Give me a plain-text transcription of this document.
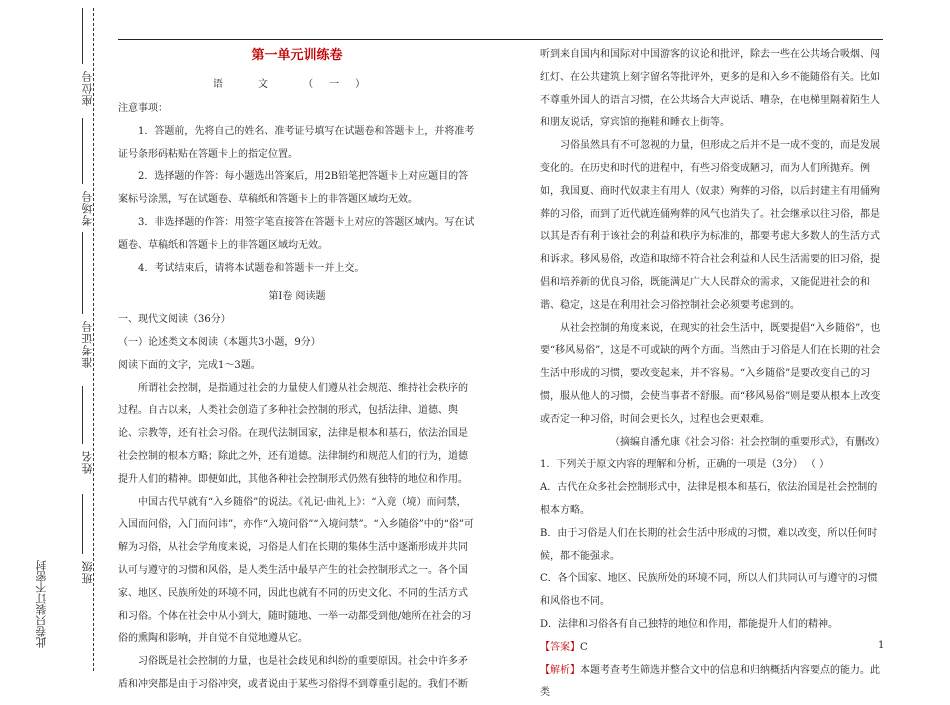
座位号
考场号
准考证号
姓名
班级
此卷只装订不密封

第一单元训练卷

语 文 （一）

注意事项：

1．答题前，先将自己的姓名、准考证号填写在试题卷和答题卡上，并将准考证号条形码粘贴在答题卡上的指定位置。

2．选择题的作答：每小题选出答案后，用2B铅笔把答题卡上对应题目的答案标号涂黑，写在试题卷、草稿纸和答题卡上的非答题区域均无效。

3．非选择题的作答：用签字笔直接答在答题卡上对应的答题区域内。写在试题卷、草稿纸和答题卡上的非答题区域均无效。

4．考试结束后，请将本试题卷和答题卡一并上交。

第Ⅰ卷 阅读题

一、现代文阅读（36分）

（一）论述类文本阅读（本题共3小题，9分）

阅读下面的文字，完成1～3题。

所谓社会控制，是指通过社会的力量使人们遵从社会规范、维持社会秩序的过程。自古以来，人类社会创造了多种社会控制的形式，包括法律、道德、舆论、宗教等，还有社会习俗。在现代法制国家，法律是根本和基石，依法治国是社会控制的根本方略；除此之外，还有道德。法律制约和规范人们的行为，道德提升人们的精神。即便如此，其他各种社会控制形式仍然有独特的地位和作用。

中国古代早就有“入乡随俗”的说法。《礼记·曲礼上》：“入竟（境）而问禁，入国而问俗，入门而问讳”，亦作“入境问俗”“入境问禁”。“入乡随俗”中的“俗”可解为习俗，从社会学角度来说，习俗是人们在长期的集体生活中逐渐形成并共同认可与遵守的习惯和风俗，是人类生活中最早产生的社会控制形式之一。各个国家、地区、民族所处的环境不同，因此也就有不同的历史文化、不同的生活方式和习俗。个体在社会中从小到大，随时随地、一举一动都受到他/她所在社会的习俗的熏陶和影响，并自觉不自觉地遵从它。

习俗既是社会控制的力量，也是社会歧见和纠纷的重要原因。社会中许多矛盾和冲突都是由于习俗冲突，或者说由于某些习俗得不到尊重引起的。我们不断

听到来自国内和国际对中国游客的议论和批评，除去一些在公共场合吸烟、闯红灯、在公共建筑上刻字留名等批评外，更多的是和入乡不能随俗有关。比如不尊重外国人的语言习惯，在公共场合大声说话、嘈杂，在电梯里隔着陌生人和朋友说话，穿宾馆的拖鞋和睡衣上街等。

习俗虽然具有不可忽视的力量，但形成之后并不是一成不变的，而是发展变化的。在历史和时代的进程中，有些习俗变成陋习，而为人们所抛弃。例如，我国夏、商时代奴隶主有用人（奴隶）殉葬的习俗，以后封建主有用俑殉葬的习俗，而到了近代就连俑殉葬的风气也消失了。社会继承以往习俗，都是以其是否有利于该社会的利益和秩序为标准的，都要考虑大多数人的生活方式和诉求。移风易俗，改造和取缔不符合社会利益和人民生活需要的旧习俗，提倡和培养新的优良习俗，既能满足广大人民群众的需求，又能促进社会的和谐、稳定，这是在利用社会习俗控制社会必须要考虑到的。

从社会控制的角度来说，在现实的社会生活中，既要提倡“入乡随俗”，也要“移风易俗”，这是不可或缺的两个方面。当然由于习俗是人们在长期的社会生活中形成的习惯，要改变起来，并不容易。“入乡随俗”是要改变自己的习惯，服从他人的习惯，会使当事者不舒服。而“移风易俗”则是要从根本上改变或否定一种习俗，时间会更长久，过程也会更艰难。

（摘编自潘允康《社会习俗：社会控制的重要形式》，有删改）

1．下列关于原文内容的理解和分析，正确的一项是（3分） （ ）

A．古代在众多社会控制形式中，法律是根本和基石，依法治国是社会控制的根本方略。

B．由于习俗是人们在长期的社会生活中形成的习惯，难以改变，所以任何时候，都不能强求。

C．各个国家、地区、民族所处的环境不同，所以人们共同认可与遵守的习惯和风俗也不同。

D．法律和习俗各有自己独特的地位和作用，都能提升人们的精神。

【答案】C

【解析】本题考查考生筛选并整合文中的信息和归纳概括内容要点的能力。此类

1
